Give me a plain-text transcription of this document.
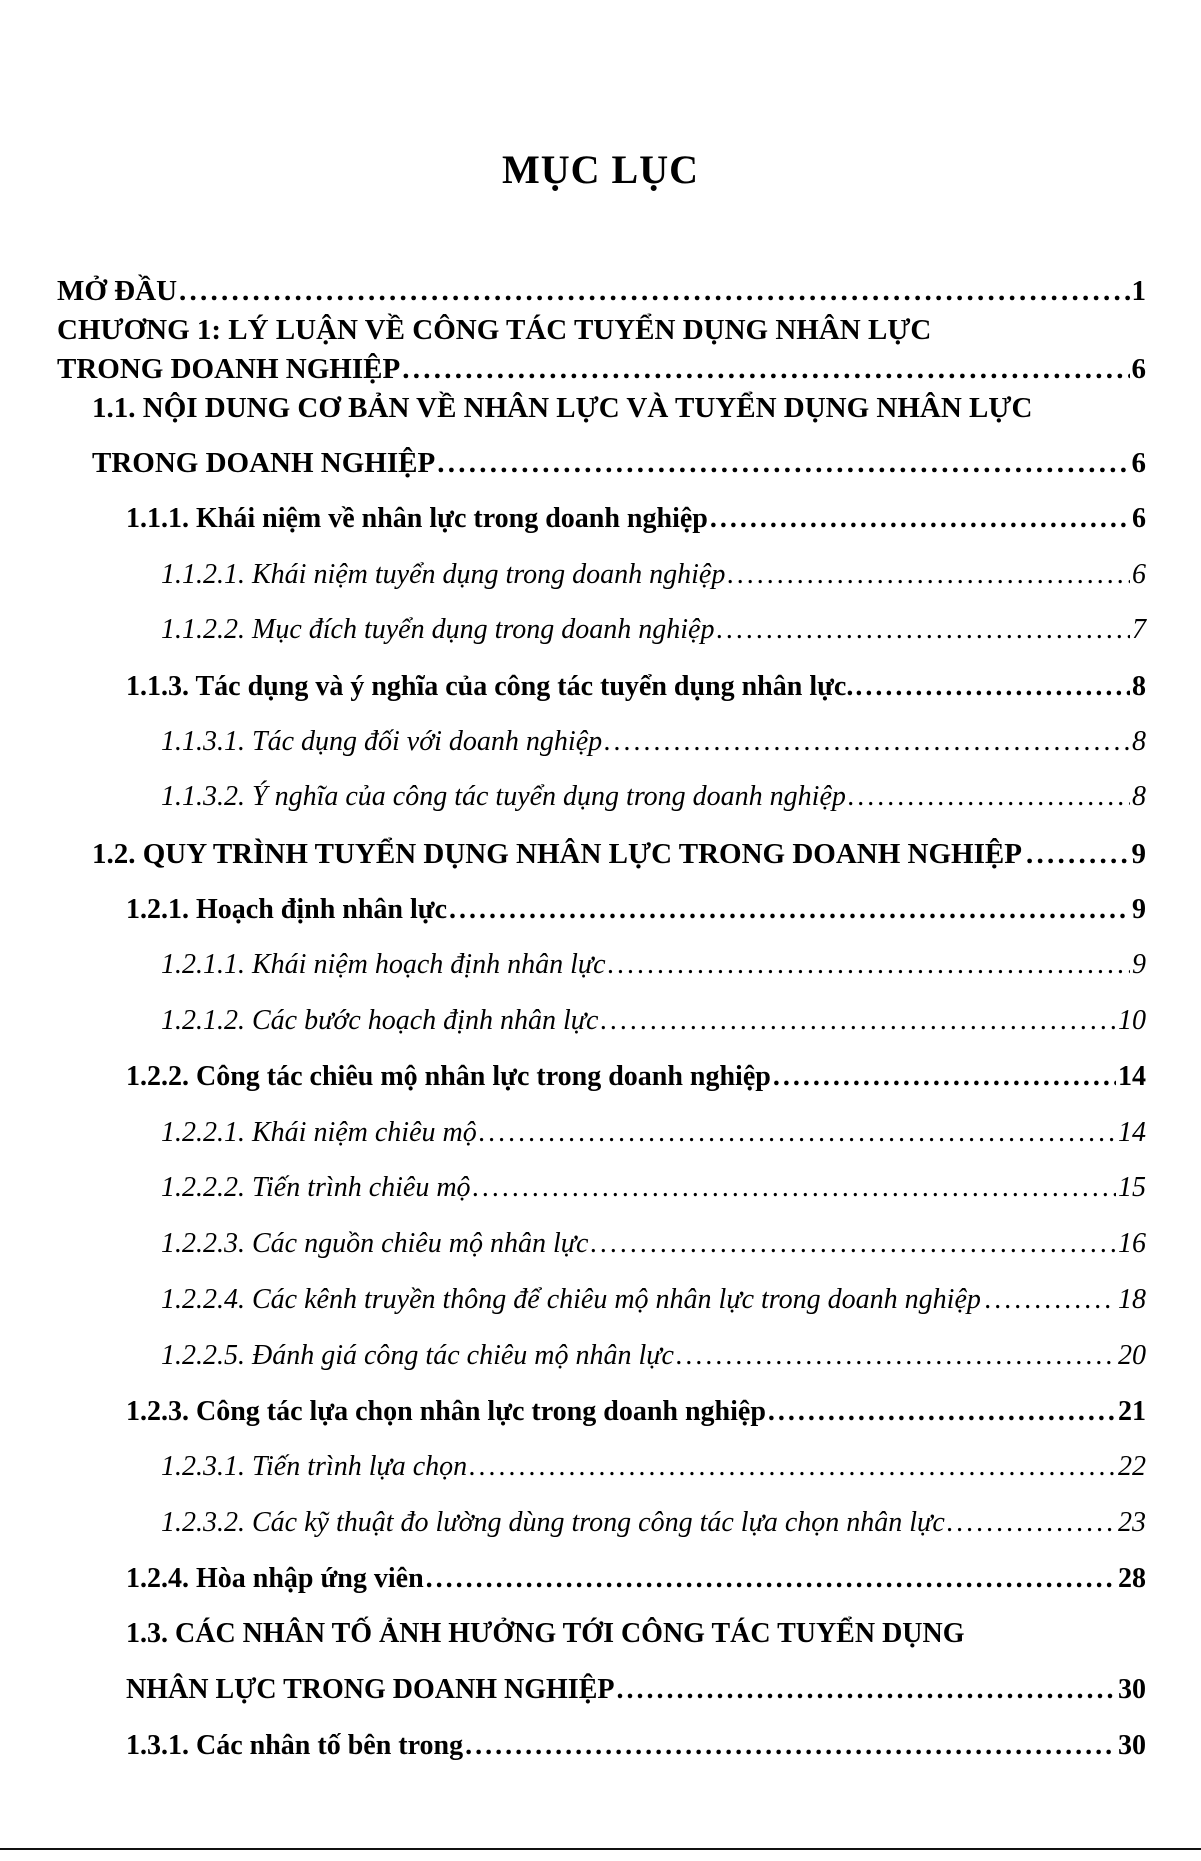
MỤC LỤC
MỞ ĐẦU . . .	1
CHƯƠNG 1: LÝ LUẬN VỀ CÔNG TÁC TUYỂN DỤNG NHÂN LỰC
TRONG DOANH NGHIỆP . . .	6
1.1. NỘI DUNG CƠ BẢN VỀ NHÂN LỰC VÀ TUYỂN DỤNG NHÂN LỰC
TRONG DOANH NGHIỆP . . .	6
1.1.1. Khái niệm về nhân lực trong doanh nghiệp . . .	6
1.1.2.1. Khái niệm tuyển dụng trong doanh nghiệp . . .	6
1.1.2.2. Mục đích tuyển dụng trong doanh nghiệp . . .	7
1.1.3. Tác dụng và ý nghĩa của công tác tuyển dụng nhân lực. . . .	8
1.1.3.1. Tác dụng đối với doanh nghiệp . . .	8
1.1.3.2. Ý nghĩa của công tác tuyển dụng trong doanh nghiệp . . .	8
1.2. QUY TRÌNH TUYỂN DỤNG NHÂN LỰC TRONG DOANH NGHIỆP . . .	9
1.2.1. Hoạch định nhân lực . . .	9
1.2.1.1. Khái niệm hoạch định nhân lực . . .	9
1.2.1.2. Các bước hoạch định nhân lực . . .	10
1.2.2. Công tác chiêu mộ nhân lực trong doanh nghiệp . . .	14
1.2.2.1. Khái niệm chiêu mộ . . .	14
1.2.2.2. Tiến trình chiêu mộ . . .	15
1.2.2.3. Các nguồn chiêu mộ nhân lực . . .	16
1.2.2.4. Các kênh truyền thông để chiêu mộ nhân lực trong doanh nghiệp . . .	18
1.2.2.5. Đánh giá công tác chiêu mộ nhân lực . . .	20
1.2.3. Công tác lựa chọn nhân lực trong doanh nghiệp . . .	21
1.2.3.1. Tiến trình lựa chọn . . .	22
1.2.3.2. Các kỹ thuật đo lường dùng trong công tác lựa chọn nhân lực . . .	23
1.2.4. Hòa nhập ứng viên . . .	28
1.3. CÁC NHÂN TỐ ẢNH HƯỞNG TỚI CÔNG TÁC TUYỂN DỤNG
NHÂN LỰC TRONG DOANH NGHIỆP . . .	30
1.3.1. Các nhân tố bên trong . . .	30
